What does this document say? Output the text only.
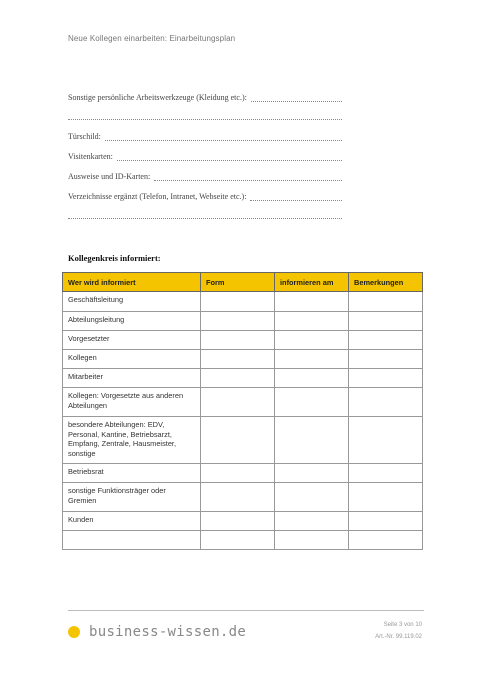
Neue Kollegen einarbeiten: Einarbeitungsplan
Sonstige persönliche Arbeitswerkzeuge (Kleidung etc.):
Türschild:
Visitenkarten:
Ausweise und ID-Karten:
Verzeichnisse ergänzt (Telefon, Intranet, Webseite etc.):
Kollegenkreis informiert:
Wer wird informiert	Form	informieren am	Bemerkungen
Geschäftsleitung			
Abteilungsleitung			
Vorgesetzter			
Kollegen			
Mitarbeiter			
Kollegen: Vorgesetzte aus anderen Abteilungen			
besondere Abteilungen: EDV, Personal, Kantine, Betriebsarzt, Empfang, Zentrale, Hausmeister, sonstige			
Betriebsrat			
sonstige Funktionsträger oder Gremien			
Kunden			

business-wissen.de	Seite 3 von 10
Art.-Nr. 99.119.02
